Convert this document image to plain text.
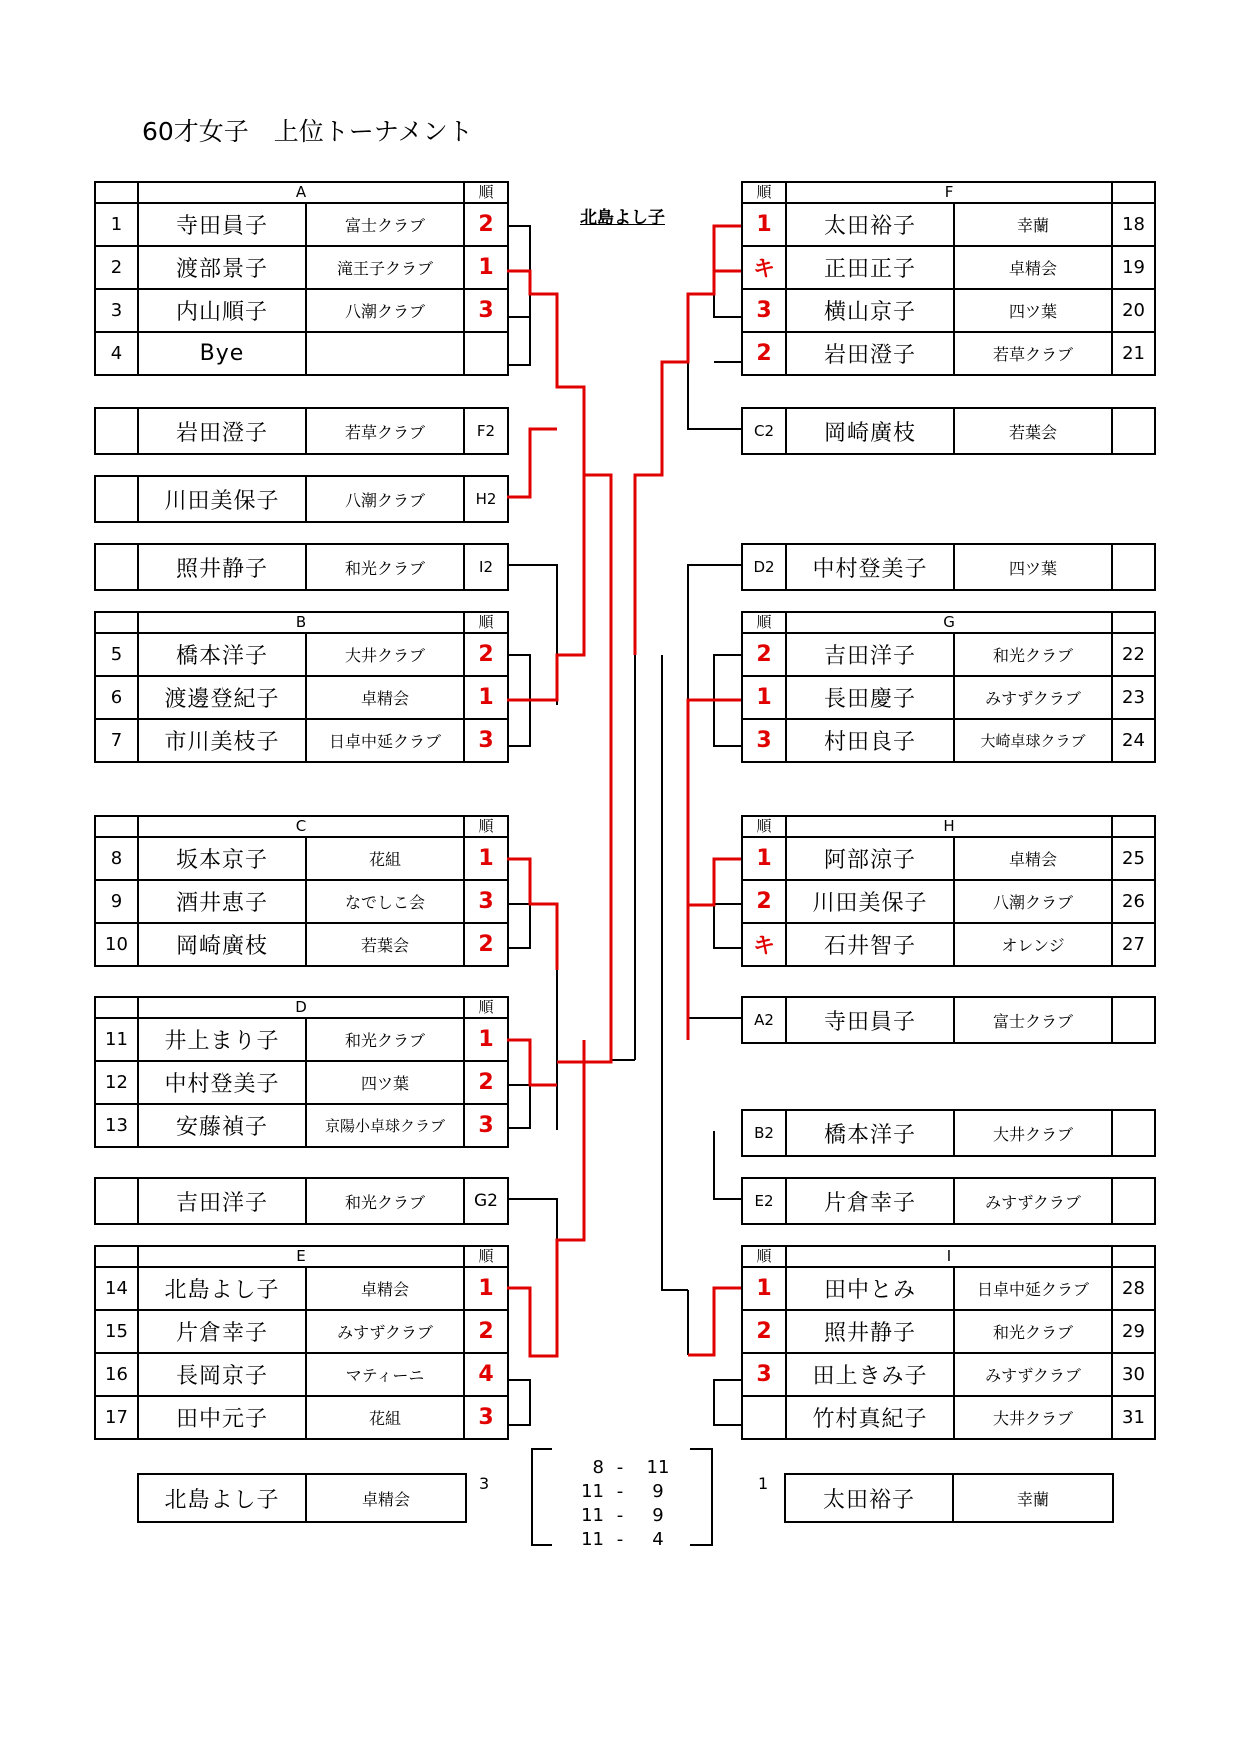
60才女子　上位トーナメント
北島よし子
	A		順
1	寺田員子	富士クラブ	2
2	渡部景子	滝王子クラブ	1
3	内山順子	八潮クラブ	3
4	Bye		
	岩田澄子	若草クラブ	F2
	川田美保子	八潮クラブ	H2
	照井静子	和光クラブ	I2
	B		順
5	橋本洋子	大井クラブ	2
6	渡邊登紀子	卓精会	1
7	市川美枝子	日卓中延クラブ	3
	C		順
8	坂本京子	花組	1
9	酒井恵子	なでしこ会	3
10	岡崎廣枝	若葉会	2
	D		順
11	井上まり子	和光クラブ	1
12	中村登美子	四ツ葉	2
13	安藤禎子	京陽小卓球クラブ	3
	吉田洋子	和光クラブ	G2
	E		順
14	北島よし子	卓精会	1
15	片倉幸子	みすずクラブ	2
16	長岡京子	マティーニ	4
17	田中元子	花組	3
順	F		
1	太田裕子	幸蘭	18
キ	正田正子	卓精会	19
3	横山京子	四ツ葉	20
2	岩田澄子	若草クラブ	21
C2	岡崎廣枝	若葉会	
D2	中村登美子	四ツ葉	
順	G		
2	吉田洋子	和光クラブ	22
1	長田慶子	みすずクラブ	23
3	村田良子	大崎卓球クラブ	24
順	H		
1	阿部涼子	卓精会	25
2	川田美保子	八潮クラブ	26
キ	石井智子	オレンジ	27
A2	寺田員子	富士クラブ	
B2	橋本洋子	大井クラブ	
E2	片倉幸子	みすずクラブ	
順	I		
1	田中とみ	日卓中延クラブ	28
2	照井静子	和光クラブ	29
3	田上きみ子	みすずクラブ	30
	竹村真紀子	大井クラブ	31
北島よし子	卓精会
3	1
太田裕子	幸蘭
8 -	11
11 -	9
11 -	9
11 -	4
